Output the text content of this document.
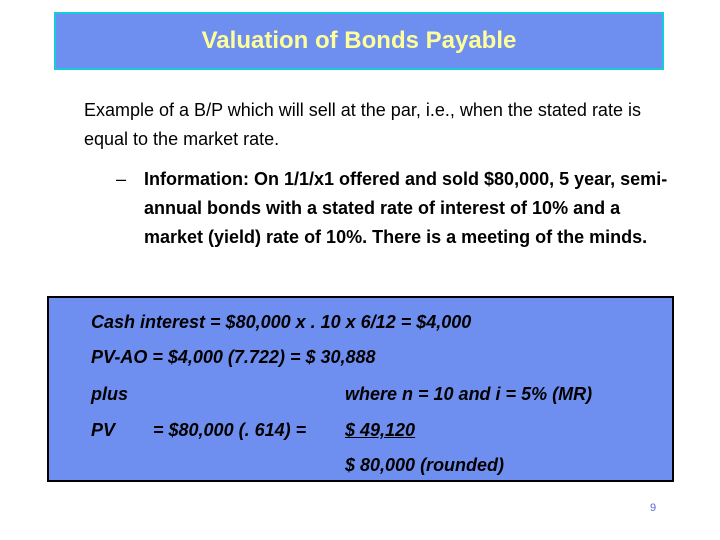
Valuation of Bonds Payable
Example of a B/P which will sell at the par, i.e., when the stated rate is equal to the market rate.
– Information: On 1/1/x1 offered and sold $80,000, 5 year, semi-annual bonds with a stated rate of interest of 10% and a market (yield) rate of 10%. There is a meeting of the minds.
Cash interest = $80,000 x . 10 x 6/12 = $4,000
PV-AO = $4,000 (7.722) = $ 30,888
plus	where n = 10 and i = 5% (MR)
PV = $80,000 (. 614) = $ 49,120
$ 80,000 (rounded)
9
